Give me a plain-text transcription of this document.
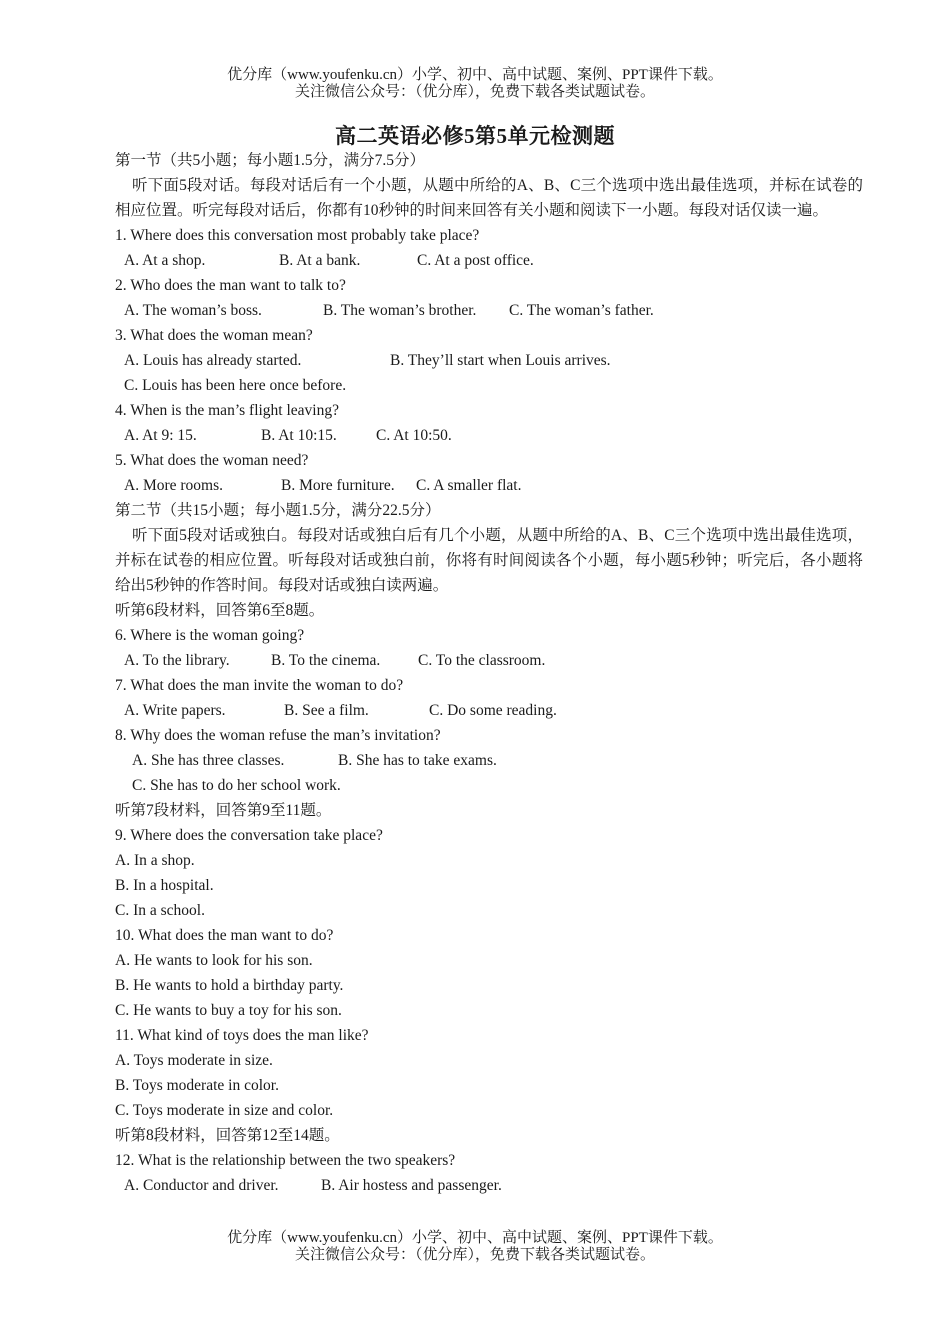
优分库（www.youfenku.cn）小学、初中、高中试题、案例、PPT课件下载。
关注微信公众号：（优分库），免费下载各类试题试卷。
高二英语必修5第5单元检测题
第一节（共5小题；每小题1.5分，满分7.5分）
听下面5段对话。每段对话后有一个小题，从题中所给的A、B、C三个选项中选出最佳选项，并标在试卷的相应位置。听完每段对话后，你都有10秒钟的时间来回答有关小题和阅读下一小题。每段对话仅读一遍。
1. Where does this conversation most probably take place?
A. At a shop.	B. At a bank.	C. At a post office.
2. Who does the man want to talk to?
A. The woman’s boss.	B. The woman’s brother. C. The woman’s father.
3. What does the woman mean?
A. Louis has already started.	B. They’ll start when Louis arrives.
C. Louis has been here once before.
4. When is the man’s flight leaving?
A. At 9: 15.	B. At 10:15.	C. At 10:50.
5. What does the woman need?
A. More rooms.	B. More furniture. C. A smaller flat.
第二节（共15小题；每小题1.5分，满分22.5分）
听下面5段对话或独白。每段对话或独白后有几个小题，从题中所给的A、B、C三个选项中选出最佳选项，并标在试卷的相应位置。听每段对话或独白前，你将有时间阅读各个小题，每小题5秒钟；听完后，各小题将给出5秒钟的作答时间。每段对话或独白读两遍。
听第6段材料，回答第6至8题。
6. Where is the woman going?
A. To the library.	B. To the cinema. C. To the classroom.
7. What does the man invite the woman to do?
A. Write papers.	B. See a film.	C. Do some reading.
8. Why does the woman refuse the man’s invitation?
A. She has three classes.	B. She has to take exams.
C. She has to do her school work.
听第7段材料，回答第9至11题。
9. Where does the conversation take place?
A. In a shop.
B. In a hospital.
C. In a school.
10. What does the man want to do?
A. He wants to look for his son.
B. He wants to hold a birthday party.
C. He wants to buy a toy for his son.
11. What kind of toys does the man like?
A. Toys moderate in size.
B. Toys moderate in color.
C. Toys moderate in size and color.
听第8段材料，回答第12至14题。
12. What is the relationship between the two speakers?
A. Conductor and driver.	B. Air hostess and passenger.
优分库（www.youfenku.cn）小学、初中、高中试题、案例、PPT课件下载。
关注微信公众号：（优分库），免费下载各类试题试卷。
